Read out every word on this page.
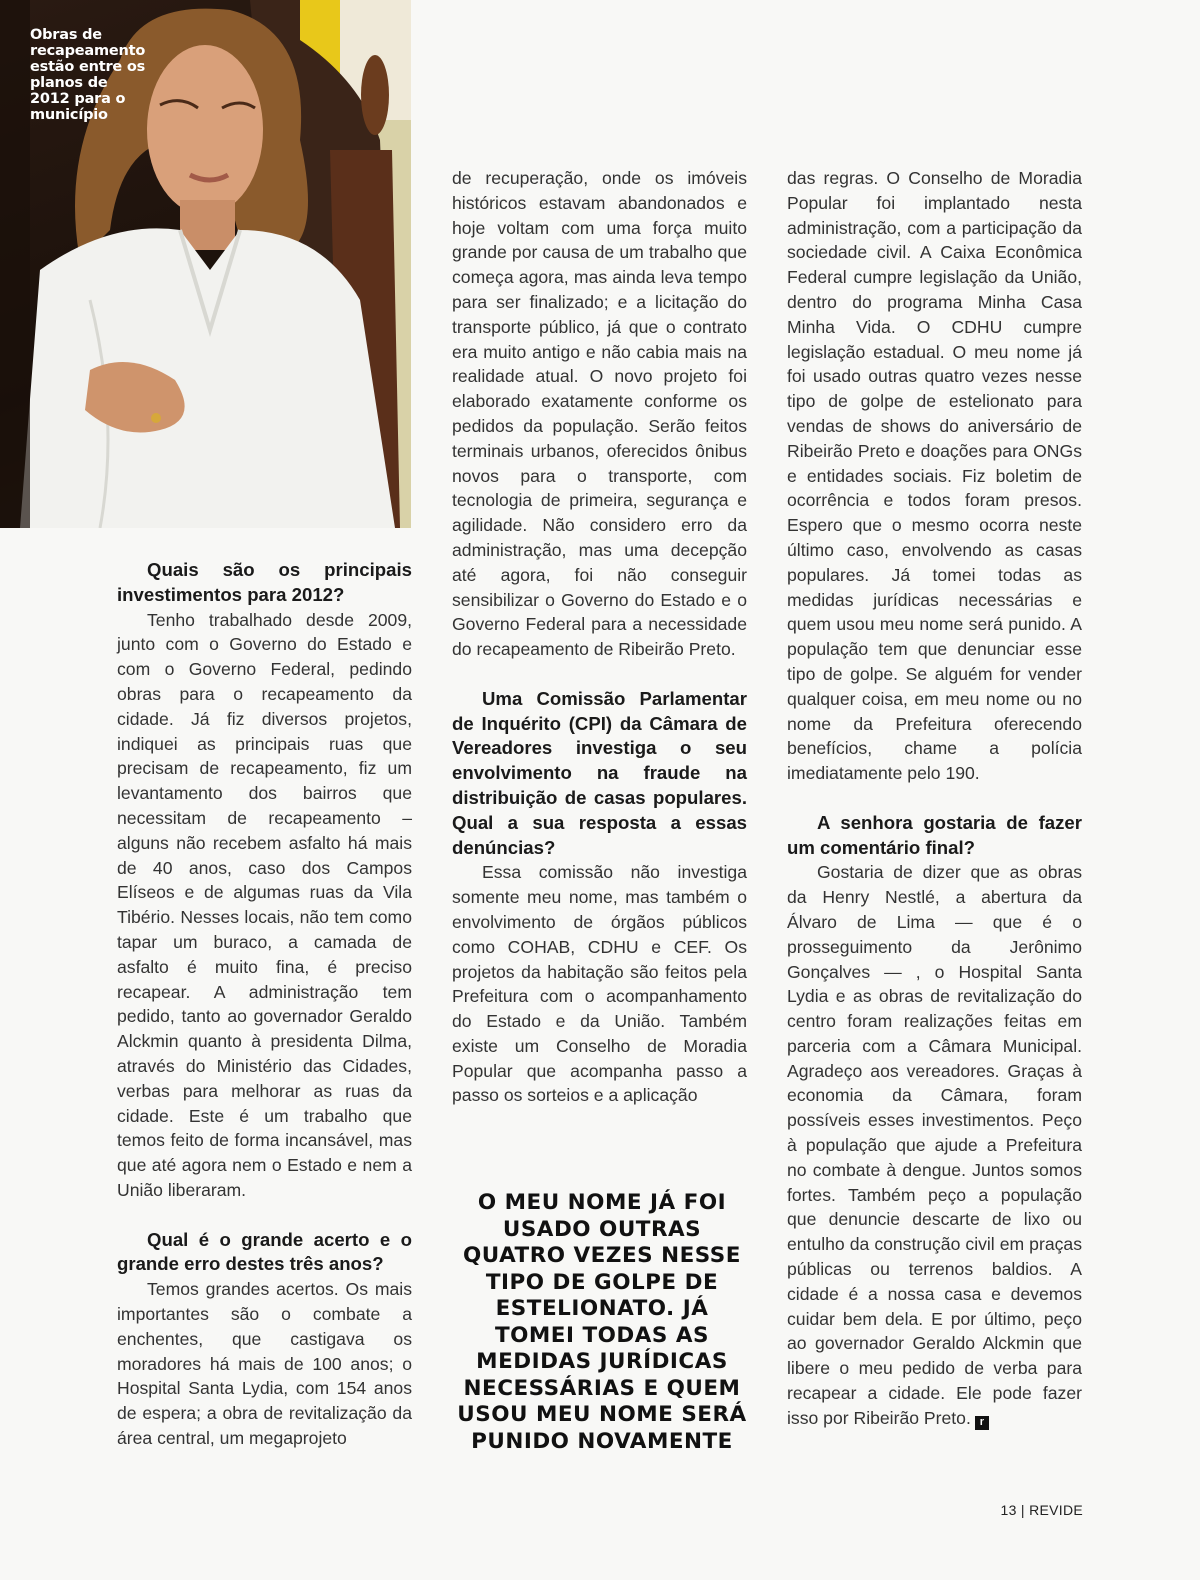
Obras de recapeamento estão entre os planos de 2012 para o município
Quais são os principais investimentos para 2012?

Tenho trabalhado desde 2009, junto com o Governo do Estado e com o Governo Federal, pedindo obras para o recapeamento da cidade. Já fiz diversos projetos, indiquei as principais ruas que precisam de recapeamento, fiz um levantamento dos bairros que necessitam de recapeamento – alguns não recebem asfalto há mais de 40 anos, caso dos Campos Elíseos e de algumas ruas da Vila Tibério. Nesses locais, não tem como tapar um buraco, a camada de asfalto é muito fina, é preciso recapear. A administração tem pedido, tanto ao governador Geraldo Alckmin quanto à presidenta Dilma, através do Ministério das Cidades, verbas para melhorar as ruas da cidade. Este é um trabalho que temos feito de forma incansável, mas que até agora nem o Estado e nem a União liberaram.

Qual é o grande acerto e o grande erro destes três anos?

Temos grandes acertos. Os mais importantes são o combate a enchentes, que castigava os moradores há mais de 100 anos; o Hospital Santa Lydia, com 154 anos de espera; a obra de revitalização da área central, um megaprojeto

de recuperação, onde os imóveis históricos estavam abandonados e hoje voltam com uma força muito grande por causa de um trabalho que começa agora, mas ainda leva tempo para ser finalizado; e a licitação do transporte público, já que o contrato era muito antigo e não cabia mais na realidade atual. O novo projeto foi elaborado exatamente conforme os pedidos da população. Serão feitos terminais urbanos, oferecidos ônibus novos para o transporte, com tecnologia de primeira, segurança e agilidade. Não considero erro da administração, mas uma decepção até agora, foi não conseguir sensibilizar o Governo do Estado e o Governo Federal para a necessidade do recapeamento de Ribeirão Preto.

Uma Comissão Parlamentar de Inquérito (CPI) da Câmara de Vereadores investiga o seu envolvimento na fraude na distribuição de casas populares. Qual a sua resposta a essas denúncias?

Essa comissão não investiga somente meu nome, mas também o envolvimento de órgãos públicos como COHAB, CDHU e CEF. Os projetos da habitação são feitos pela Prefeitura com o acompanhamento do Estado e da União. Também existe um Conselho de Moradia Popular que acompanha passo a passo os sorteios e a aplicação

O MEU NOME JÁ FOI USADO OUTRAS QUATRO VEZES NESSE TIPO DE GOLPE DE ESTELIONATO. JÁ TOMEI TODAS AS MEDIDAS JURÍDICAS NECESSÁRIAS E QUEM USOU MEU NOME SERÁ PUNIDO NOVAMENTE

das regras. O Conselho de Moradia Popular foi implantado nesta administração, com a participação da sociedade civil. A Caixa Econômica Federal cumpre legislação da União, dentro do programa Minha Casa Minha Vida. O CDHU cumpre legislação estadual. O meu nome já foi usado outras quatro vezes nesse tipo de golpe de estelionato para vendas de shows do aniversário de Ribeirão Preto e doações para ONGs e entidades sociais. Fiz boletim de ocorrência e todos foram presos. Espero que o mesmo ocorra neste último caso, envolvendo as casas populares. Já tomei todas as medidas jurídicas necessárias e quem usou meu nome será punido. A população tem que denunciar esse tipo de golpe. Se alguém for vender qualquer coisa, em meu nome ou no nome da Prefeitura oferecendo benefícios, chame a polícia imediatamente pelo 190.

A senhora gostaria de fazer um comentário final?

Gostaria de dizer que as obras da Henry Nestlé, a abertura da Álvaro de Lima — que é o prosseguimento da Jerônimo Gonçalves — , o Hospital Santa Lydia e as obras de revitalização do centro foram realizações feitas em parceria com a Câmara Municipal. Agradeço aos vereadores. Graças à economia da Câmara, foram possíveis esses investimentos. Peço à população que ajude a Prefeitura no combate à dengue. Juntos somos fortes. Também peço a população que denuncie descarte de lixo ou entulho da construção civil em praças públicas ou terrenos baldios. A cidade é a nossa casa e devemos cuidar bem dela. E por último, peço ao governador Geraldo Alckmin que libere o meu pedido de verba para recapear a cidade. Ele pode fazer isso por Ribeirão Preto. r

13 | REVIDE
